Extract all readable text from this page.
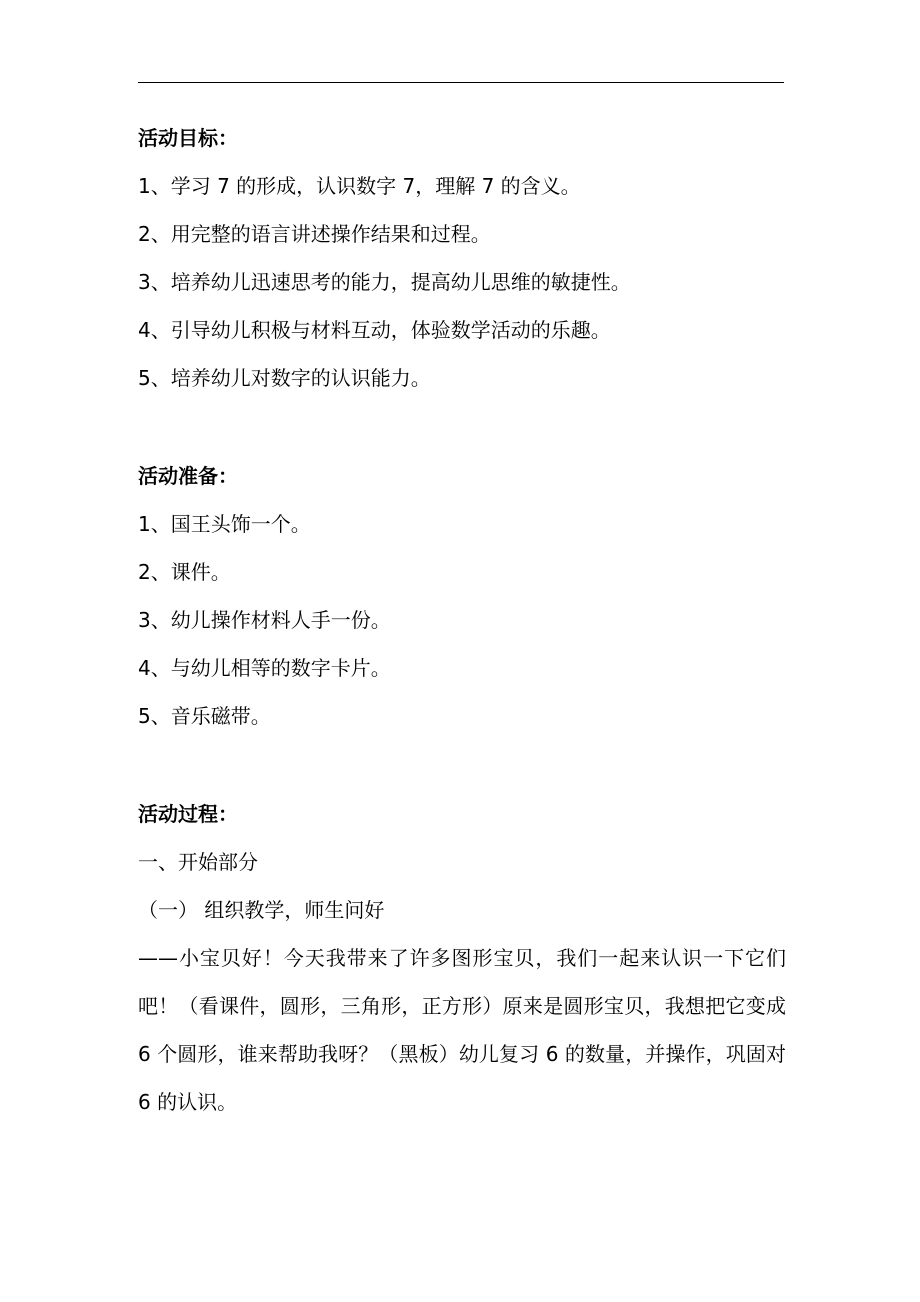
活动目标：
1、学习 7 的形成，认识数字 7，理解 7 的含义。
2、用完整的语言讲述操作结果和过程。
3、培养幼儿迅速思考的能力，提高幼儿思维的敏捷性。
4、引导幼儿积极与材料互动，体验数学活动的乐趣。
5、培养幼儿对数字的认识能力。
活动准备：
1、国王头饰一个。
2、课件。
3、幼儿操作材料人手一份。
4、与幼儿相等的数字卡片。
5、音乐磁带。
活动过程：
一、开始部分
（一） 组织教学，师生问好
——小宝贝好！今天我带来了许多图形宝贝，我们一起来认识一下它们吧！（看课件，圆形，三角形，正方形）原来是圆形宝贝，我想把它变成 6 个圆形，谁来帮助我呀？（黑板）幼儿复习 6 的数量，并操作，巩固对 6 的认识。
